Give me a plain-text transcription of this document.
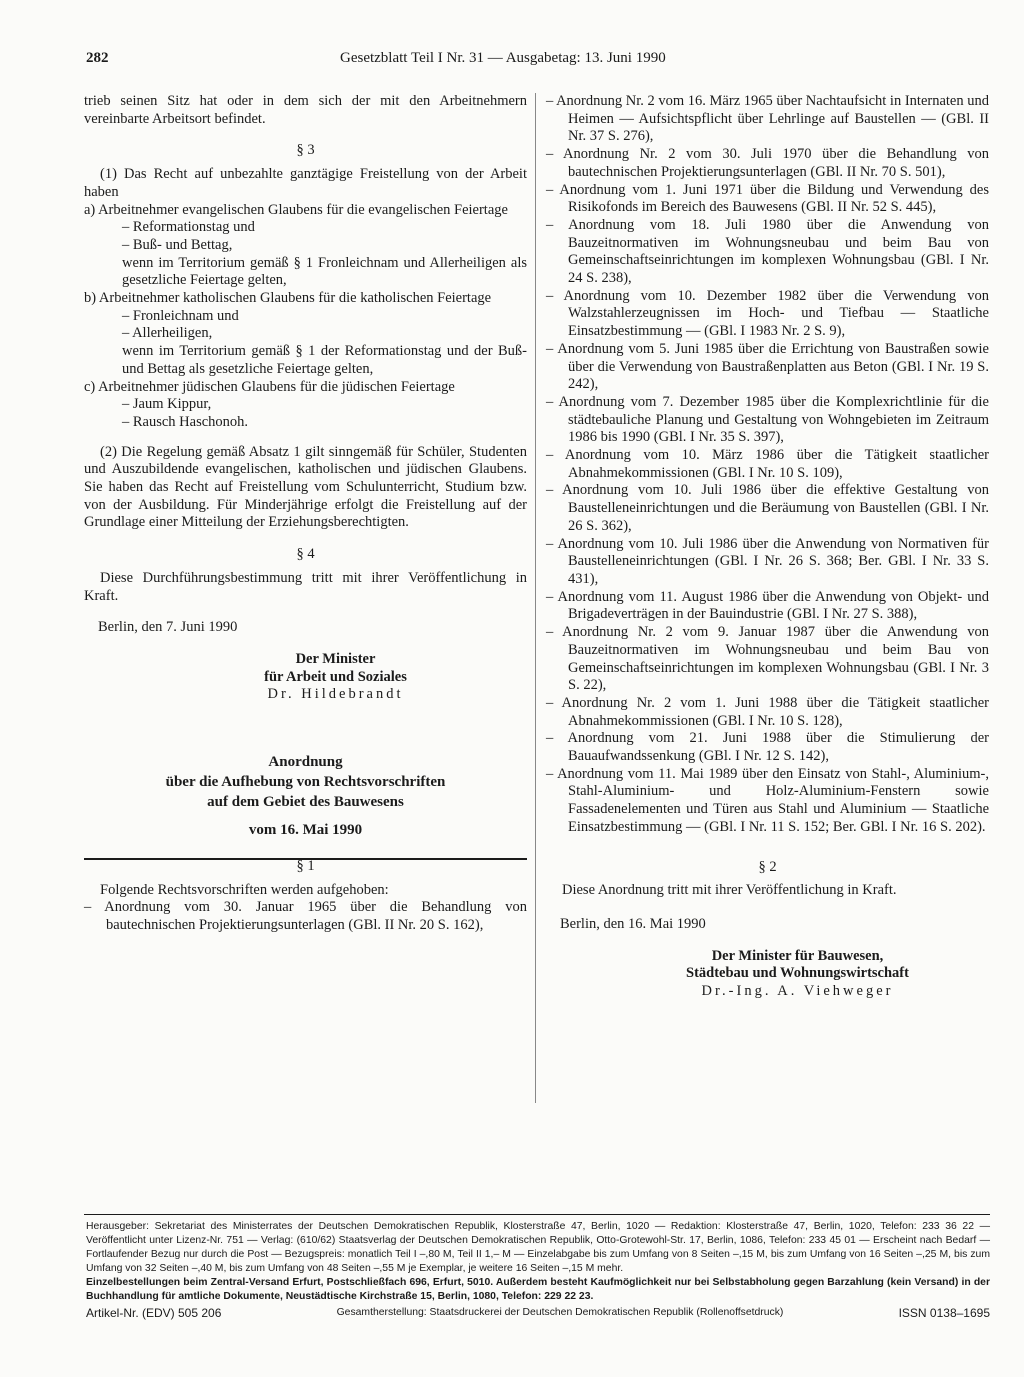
282	Gesetzblatt Teil I Nr. 31 — Ausgabetag: 13. Juni 1990

trieb seinen Sitz hat oder in dem sich der mit den Arbeitnehmern vereinbarte Arbeitsort befindet.

§ 3

(1) Das Recht auf unbezahlte ganztägige Freistellung von der Arbeit haben

a) Arbeitnehmer evangelischen Glaubens für die evangelischen Feiertage

– Reformationstag und

– Buß- und Bettag,

wenn im Territorium gemäß § 1 Fronleichnam und Allerheiligen als gesetzliche Feiertage gelten,

b) Arbeitnehmer katholischen Glaubens für die katholischen Feiertage

– Fronleichnam und

– Allerheiligen,

wenn im Territorium gemäß § 1 der Reformationstag und der Buß- und Bettag als gesetzliche Feiertage gelten,

c) Arbeitnehmer jüdischen Glaubens für die jüdischen Feiertage

– Jaum Kippur,

– Rausch Haschonoh.

(2) Die Regelung gemäß Absatz 1 gilt sinngemäß für Schüler, Studenten und Auszubildende evangelischen, katholischen und jüdischen Glaubens. Sie haben das Recht auf Freistellung vom Schulunterricht, Studium bzw. von der Ausbildung. Für Minderjährige erfolgt die Freistellung auf der Grundlage einer Mitteilung der Erziehungsberechtigten.

§ 4

Diese Durchführungsbestimmung tritt mit ihrer Veröffentlichung in Kraft.

Berlin, den 7. Juni 1990

Der Minister

für Arbeit und Soziales

Dr. Hildebrandt

Anordnung
über die Aufhebung von Rechtsvorschriften
auf dem Gebiet des Bauwesens
vom 16. Mai 1990
§ 1

Folgende Rechtsvorschriften werden aufgehoben:

– Anordnung vom 30. Januar 1965 über die Behandlung von bautechnischen Projektierungsunterlagen (GBl. II Nr. 20 S. 162),

– Anordnung Nr. 2 vom 16. März 1965 über Nachtaufsicht in Internaten und Heimen — Aufsichtspflicht über Lehrlinge auf Baustellen — (GBl. II Nr. 37 S. 276),

– Anordnung Nr. 2 vom 30. Juli 1970 über die Behandlung von bautechnischen Projektierungsunterlagen (GBl. II Nr. 70 S. 501),

– Anordnung vom 1. Juni 1971 über die Bildung und Verwendung des Risikofonds im Bereich des Bauwesens (GBl. II Nr. 52 S. 445),

– Anordnung vom 18. Juli 1980 über die Anwendung von Bauzeitnormativen im Wohnungsneubau und beim Bau von Gemeinschaftseinrichtungen im komplexen Wohnungsbau (GBl. I Nr. 24 S. 238),

– Anordnung vom 10. Dezember 1982 über die Verwendung von Walzstahlerzeugnissen im Hoch- und Tiefbau — Staatliche Einsatzbestimmung — (GBl. I 1983 Nr. 2 S. 9),

– Anordnung vom 5. Juni 1985 über die Errichtung von Baustraßen sowie über die Verwendung von Baustraßenplatten aus Beton (GBl. I Nr. 19 S. 242),

– Anordnung vom 7. Dezember 1985 über die Komplexrichtlinie für die städtebauliche Planung und Gestaltung von Wohngebieten im Zeitraum 1986 bis 1990 (GBl. I Nr. 35 S. 397),

– Anordnung vom 10. März 1986 über die Tätigkeit staatlicher Abnahmekommissionen (GBl. I Nr. 10 S. 109),

– Anordnung vom 10. Juli 1986 über die effektive Gestaltung von Baustelleneinrichtungen und die Beräumung von Baustellen (GBl. I Nr. 26 S. 362),

– Anordnung vom 10. Juli 1986 über die Anwendung von Normativen für Baustelleneinrichtungen (GBl. I Nr. 26 S. 368; Ber. GBl. I Nr. 33 S. 431),

– Anordnung vom 11. August 1986 über die Anwendung von Objekt- und Brigadeverträgen in der Bauindustrie (GBl. I Nr. 27 S. 388),

– Anordnung Nr. 2 vom 9. Januar 1987 über die Anwendung von Bauzeitnormativen im Wohnungsneubau und beim Bau von Gemeinschaftseinrichtungen im komplexen Wohnungsbau (GBl. I Nr. 3 S. 22),

– Anordnung Nr. 2 vom 1. Juni 1988 über die Tätigkeit staatlicher Abnahmekommissionen (GBl. I Nr. 10 S. 128),

– Anordnung vom 21. Juni 1988 über die Stimulierung der Bauaufwandssenkung (GBl. I Nr. 12 S. 142),

– Anordnung vom 11. Mai 1989 über den Einsatz von Stahl-, Aluminium-, Stahl-Aluminium- und Holz-Aluminium-Fenstern sowie Fassadenelementen und Türen aus Stahl und Aluminium — Staatliche Einsatzbestimmung — (GBl. I Nr. 11 S. 152; Ber. GBl. I Nr. 16 S. 202).

§ 2

Diese Anordnung tritt mit ihrer Veröffentlichung in Kraft.

Berlin, den 16. Mai 1990

Der Minister für Bauwesen,

Städtebau und Wohnungswirtschaft

Dr.-Ing. A. Viehweger

Herausgeber: Sekretariat des Ministerrates der Deutschen Demokratischen Republik, Klosterstraße 47, Berlin, 1020 — Redaktion: Klosterstraße 47, Berlin, 1020, Telefon: 233 36 22 — Veröffentlicht unter Lizenz-Nr. 751 — Verlag: (610/62) Staatsverlag der Deutschen Demokratischen Republik, Otto-Grotewohl-Str. 17, Berlin, 1086, Telefon: 233 45 01 — Erscheint nach Bedarf — Fortlaufender Bezug nur durch die Post — Bezugspreis: monatlich Teil I –,80 M, Teil II 1,– M — Einzelabgabe bis zum Umfang von 8 Seiten –,15 M, bis zum Umfang von 16 Seiten –,25 M, bis zum Umfang von 32 Seiten –,40 M, bis zum Umfang von 48 Seiten –,55 M je Exemplar, je weitere 16 Seiten –,15 M mehr.

Einzelbestellungen beim Zentral-Versand Erfurt, Postschließfach 696, Erfurt, 5010. Außerdem besteht Kaufmöglichkeit nur bei Selbstabholung gegen Barzahlung (kein Versand) in der Buchhandlung für amtliche Dokumente, Neustädtische Kirchstraße 15, Berlin, 1080, Telefon: 229 22 23.

Artikel-Nr. (EDV) 505 206	Gesamtherstellung: Staatsdruckerei der Deutschen Demokratischen Republik (Rollenoffsetdruck)	ISSN 0138–1695
